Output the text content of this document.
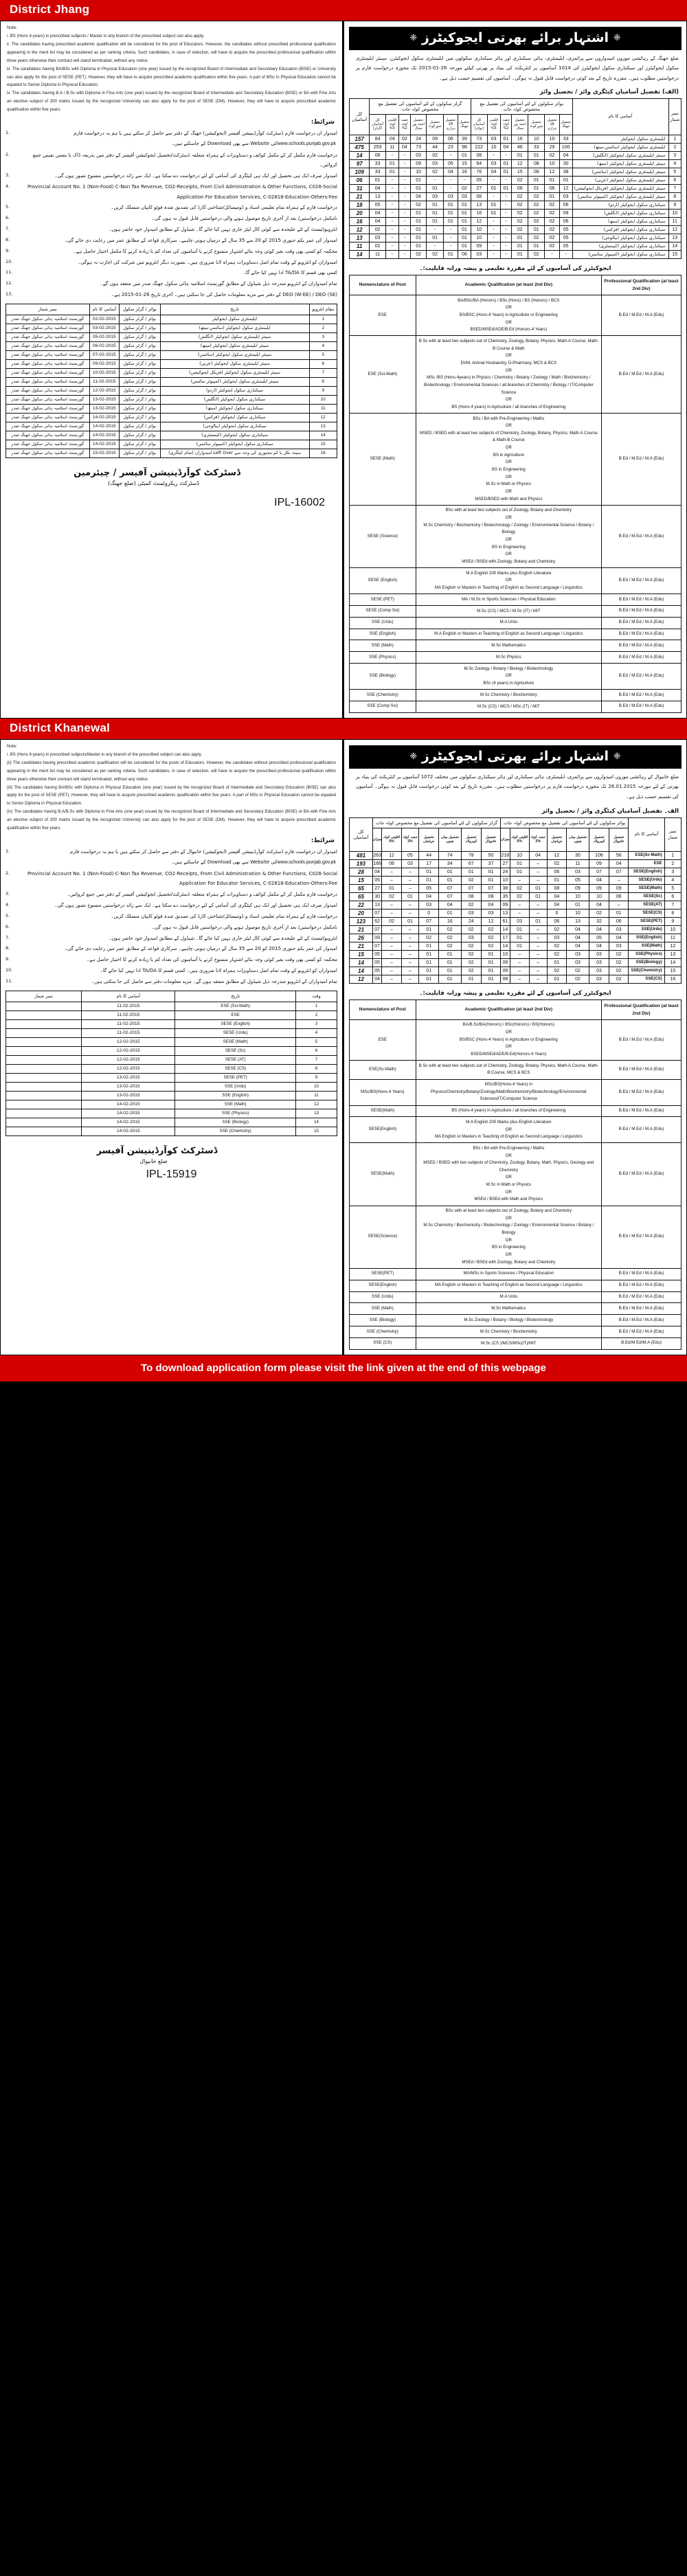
District Jhang
Note:
i. BS (Hons 4-years) in prescribed subjects / Master in any branch of the prescribed subject can also apply.
ii. The candidates having prescribed academic qualification will be considered for the post of Educators. However, the candidates without prescribed professional qualification appearing in the merit list may be considered as per ranking criteria. Such candidates, in case of selection, will have to acquire the prescribed professional qualification within three years otherwise their contract will stand terminated, without any notice.
iii. The candidates having BA/BSc with Diploma in Physical Education (one year) issued by the recognized Board of Intermediate and Secondary Education (BISE) or University can also apply for the post of SESE (PET). However, they will have to acquire prescribed academic qualification within five years. A part of MSc in Physical Education cannot be equated to Senior Diploma in Physical Education.
iv. The candidates having B.A / B.Sc with Diploma in Fine Arts (one year) issued by the recognized Board of Intermediate and Secondary Education (BISE) or BA with Fine Arts an elective subject of 200 marks issued by the recognized University can also apply for the post of SESE (DM). However, they will have to acquire prescribed academic qualification within five years.
شرائط:
امیدوار ان درخواست فارم ڈسٹرکٹ کوآرڈینیشن آفیسر (ایجوکیشن) جھنگ کے دفتر سے حاصل کر سکتے ہیں یا ہم یہ درخواست فارم www.schools.punjab.gov.pk کی Website سے بھی Download کے جاسکتے ہیں۔
1.
درخواست فارم مکمل کر کے مکمل کوائف و دستاویزات کے ہمراہ متعلقہ ڈسٹرکٹ/تحصیل ایجوکیشن آفیسر کے دفتر میں بذریعہ ڈاک یا بنفس نفیس جمع کروائیں۔
2.
امیدوار صرف ایک ہی تحصیل اور ایک ہی کیٹگری کی آسامی کے لئے درخواست دے سکتا ہے۔ ایک سے زائد درخواستیں منسوخ تصور ہوں گی۔
3.
Provincial Account No. 1 (Non-Food) C-Non Tax Revenue, CO2-Receipts, From Civil Administration & Other Functions, C028-Social Application For Education Services, C-02818-Education-Others-Fee
4.
درخواست فارم کے ہمراہ تمام تعلیمی اسناد و ڈومیسائل/شناختی کارڈ کی تصدیق شدہ فوٹو کاپیاں منسلک کریں۔
5.
نامکمل درخواستیں/ بعد از آخری تاریخ موصول ہونے والی درخواستیں قابل قبول نہ ہوں گی۔
6.
انٹرویو/ٹیسٹ کے لئے علیحدہ سے کوئی کال لیٹر جاری نہیں کیا جائے گا۔ شیڈول کے مطابق امیدوار خود حاضر ہوں۔
7.
امیدوار کی عمر یکم جنوری 2015 کو 20 سے 35 سال کے درمیان ہونی چاہیے۔ سرکاری قواعد کے مطابق عمر میں رعایت دی جائے گی۔
8.
محکمہ کو کسی بھی وقت بغیر کوئی وجہ بتائے اشتہار منسوخ کرنے یا آسامیوں کی تعداد کم یا زیادہ کرنے کا مکمل اختیار حاصل ہے۔
9.
امیدواران کو انٹرویو کے وقت تمام اصل دستاویزات ہمراہ لانا ضروری ہیں۔ بصورت دیگر انٹرویو میں شرکت کی اجازت نہ ہوگی۔
10.
کسی بھی قسم کا TA/DA ادا نہیں کیا جائے گا۔
11.
تمام امیدواران کے انٹرویو مندرجہ ذیل شیڈول کے مطابق گورنمنٹ اسلامیہ ہائی سکول جھنگ صدر میں منعقد ہوں گے۔
12.
DEO (W-EE) / DEO (SE) کے دفتر سے مزید معلومات حاصل کی جا سکتی ہیں۔ آخری تاریخ 26-01-2015 ہے۔
13.
نمبر شمار	آسامی کا نام	بوائز / گرلز سکول	تاریخ	مقام انٹرویو
گورنمنٹ اسلامیہ ہائی سکول جھنگ صدر	02-02-2015	بوائز / گرلز سکول	ایلیمنٹری سکول ایجوکیٹر	1
گورنمنٹ اسلامیہ ہائی سکول جھنگ صدر	03-02-2015	بوائز / گرلز سکول	ایلیمنٹری سکول ایجوکیٹر (سائنس-میتھ)	2
گورنمنٹ اسلامیہ ہائی سکول جھنگ صدر	05-02-2015	بوائز / گرلز سکول	سینئر ایلیمنٹری سکول ایجوکیٹر (انگلش)	3
گورنمنٹ اسلامیہ ہائی سکول جھنگ صدر	06-02-2015	بوائز / گرلز سکول	سینئر ایلیمنٹری سکول ایجوکیٹر (میتھ)	4
گورنمنٹ اسلامیہ ہائی سکول جھنگ صدر	07-02-2015	بوائز / گرلز سکول	سینئر ایلیمنٹری سکول ایجوکیٹر (سائنس)	5
گورنمنٹ اسلامیہ ہائی سکول جھنگ صدر	09-02-2015	بوائز / گرلز سکول	سینئر ایلیمنٹری سکول ایجوکیٹر (عربی)	6
گورنمنٹ اسلامیہ ہائی سکول جھنگ صدر	10-02-2015	بوائز / گرلز سکول	سینئر ایلیمنٹری سکول ایجوکیٹر (فزیکل ایجوکیشن)	7
گورنمنٹ اسلامیہ ہائی سکول جھنگ صدر	11-02-2015	بوائز / گرلز سکول	سینئر ایلیمنٹری سکول ایجوکیٹر (کمپیوٹر سائنس)	8
گورنمنٹ اسلامیہ ہائی سکول جھنگ صدر	12-02-2015	بوائز / گرلز سکول	سیکنڈری سکول ایجوکیٹر (اردو)	9
گورنمنٹ اسلامیہ ہائی سکول جھنگ صدر	13-02-2015	بوائز / گرلز سکول	سیکنڈری سکول ایجوکیٹر (انگلش)	10
گورنمنٹ اسلامیہ ہائی سکول جھنگ صدر	13-02-2015	بوائز / گرلز سکول	سیکنڈری سکول ایجوکیٹر (میتھ)	11
گورنمنٹ اسلامیہ ہائی سکول جھنگ صدر	14-02-2015	بوائز / گرلز سکول	سیکنڈری سکول ایجوکیٹر (فزکس)	12
گورنمنٹ اسلامیہ ہائی سکول جھنگ صدر	14-02-2015	بوائز / گرلز سکول	سیکنڈری سکول ایجوکیٹر (بیالوجی)	13
گورنمنٹ اسلامیہ ہائی سکول جھنگ صدر	14-02-2015	بوائز / گرلز سکول	سیکنڈری سکول ایجوکیٹر (کیمسٹری)	14
گورنمنٹ اسلامیہ ہائی سکول جھنگ صدر	14-02-2015	بوائز / گرلز سکول	سیکنڈری سکول ایجوکیٹر (کمپیوٹر سائنس)	15
گورنمنٹ اسلامیہ ہائی سکول جھنگ صدر	15-02-2015	بوائز / گرلز سکول	سیٹ نکل یا کم مجبوری کی وجہ سے Left Over امیدواران (تمام کیٹگری)	16
ڈسٹرکٹ کوآرڈینیشن آفیسر / چیئرمین
ڈسٹرکٹ ریکروٹمنٹ کمیٹی (ضلع جھنگ)
IPL-16002
❈ اشتہار برائے بھرتی ایجوکیٹرز ❈
ضلع جھنگ کے رہائشی موزوں امیدواروں سے پرائمری، ایلیمنٹری، ہائی سیکنڈری اور ہائر سیکنڈری سکولوں میں ایلیمنٹری سکول ایجوکیٹرز، سینئر ایلیمنٹری سکول ایجوکیٹرز اور سیکنڈری سکول ایجوکیٹرز کی 1014 آسامیوں پر کنٹریکٹ کی بنیاد پر بھرتی کیلئے مورخہ 26-01-2015 تک مجوزہ درخواست فارم پر درخواستیں مطلوب ہیں۔ مقررہ تاریخ کے بعد کوئی درخواست قابل قبول نہ ہوگی۔ آسامیوں کی تقسیم حسب ذیل ہے۔
(الف) تفصیل آسامیاں کیٹگری وائز / تحصیل وائز
کل آسامیاں	گرلز سکولوں کے لئے آسامیوں کی تفصیل مع مخصوص کوٹہ جات							بوائز سکولوں کے لئے آسامیوں کی تفصیل مع مخصوص کوٹہ جات							آسامی کا نام	نمبر شمار
	کل آسامیاں (گرلز)	اقلیتی کوٹہ 5%	حصہ کوٹہ 2%	تحصیل احمد پور سیال	تحصیل شورکوٹ	تحصیل 18 ہزاری	تحصیل جھنگ	کل آسامیاں (بوائز)	اقلیتی کوٹہ 5%	حصہ کوٹہ 2%	تحصیل احمد پور سیال	تحصیل شورکوٹ	تحصیل 18 ہزاری	تحصیل جھنگ		
157	84	04	02	24	09	06	39	73	03	01	16	10	10	33	ایلیمنٹری سکول ایجوکیٹر	1
475	253	11	04	73	44	23	98	222	10	04	46	33	29	100	ایلیمنٹری سکول ایجوکیٹر (سائنس-میتھ)	2
14	06	-	-	03	02	-	01	08	-	-	01	01	02	04	سینئر ایلیمنٹری سکول ایجوکیٹر (انگلش)	3
97	33	01	-	09	03	05	15	64	03	01	12	08	10	30	سینئر ایلیمنٹری سکول ایجوکیٹر (میتھ)	4
109	33	01	-	10	02	04	16	76	04	01	15	08	12	38	سینئر ایلیمنٹری سکول ایجوکیٹر (سائنس)	5
06	01	-	-	01	-	-	-	05	-	-	02	01	01	01	سینئر ایلیمنٹری سکول ایجوکیٹر (عربی)	6
31	04	-	-	01	01	-	02	27	01	01	06	01	06	12	سینئر ایلیمنٹری سکول ایجوکیٹر (فزیکل ایجوکیشن)	7
21	13	-	-	04	03	03	03	08	-	-	02	02	01	03	سینئر ایلیمنٹری سکول ایجوکیٹر (کمپیوٹر سائنس)	8
18	05	-	-	02	01	01	01	13	01	-	02	02	02	06	سیکنڈری سکول ایجوکیٹر (اردو)	9
20	04	-	-	01	01	01	01	16	01	-	02	02	02	09	سیکنڈری سکول ایجوکیٹر (انگلش)	10
16	04	-	-	01	01	01	01	12	-	-	02	02	02	06	سیکنڈری سکول ایجوکیٹر (میتھ)	11
12	02	-	-	01	-	-	01	10	-	-	02	01	02	05	سیکنڈری سکول ایجوکیٹر (فزکس)	12
13	03	-	-	01	01	-	01	10	-	-	01	02	02	05	سیکنڈری سکول ایجوکیٹر (بیالوجی)	13
11	02	-	-	01	-	-	01	09	-	-	01	01	02	05	سیکنڈری سکول ایجوکیٹر (کیمسٹری)	14
14	11	-	-	02	02	01	06	03	-	-	01	02	-	-	سیکنڈری سکول ایجوکیٹر (کمپیوٹر سائنس)	15
ایجوکیٹرز کی آسامیوں کے لئے مقررہ تعلیمی و پیشہ ورانہ قابلیت:۔
Nomenclature of Post	Academic Qualification (at least 2nd Div)	Professional Qualification (at least 2nd Div)
ESE	BA/BSc/BA (Honors) / BSc (Hons) / BS (Honors) / BCS
OR
BS/BSC (Hons-4 Years) in Agriculture or Engineering
OR
BSED/MSEd/ADE/B.Ed (Honors-4 Years)	B.Ed / M.Ed / M.A (Edu)
ESE (Sci-Math)	
B.Sc with at least two subjects out of Chemistry, Zoology, Botany, Physics, Math-A Course, Math-B Course & Math
OR
DVM, Animal Husbandry, D-Pharmacy, MCS & BCS
OR
MSc /BS (Hons-4years) in Physics / Chemistry / Botany / Zoology / Math / Biochemistry / Biotechnology / Environmental Sciences / all branches of Chemistry / Biology / IT/Computer Science
OR
BS (Hons-4 years) in Agriculture / all branches of Engineering
	B.Ed / M.Ed / M.A (Edu)
SESE (Math)	
BSc / BA with Pre-Engineering / Maths
OR
MSED / BSED with at least two subjects of Chemistry, Zoology, Botany, Physics, Math-A Course & Math-B Course
OR
BS in Agriculture
OR
BS in Engineering
OR
M.Sc in Math or Physics
OR
MSED/BSED with Math and Physics
	B.Ed / M.Ed / M.A (Edu)
SESE (Science)	
BSc with at least two subjects out of Zoology, Botany and Chemistry
OR
M.Sc Chemistry / Biochemistry / Biotechnology / Zoology / Environmental Science / Botany / Biology
OR
BS in Engineering
OR
MSEd / BSEd with Zoology, Botany and Chemistry
	B.Ed / M.Ed / M.A (Edu)
SESE (English)	M.A English 200 Marks plus English Literature
OR
MA English or Masters in Teaching of English as Second Language / Linguistics	B.Ed / M.Ed / M.A (Edu)
SESE (PET)	MA / M.Sc in Sports Sciences / Physical Education	B.Ed / M.Ed / M.A (Edu)
SESE (Comp Sci)	M.Sc (CS) / MCS / M.Sc (IT) / MIT	B.Ed / M.Ed / M.A (Edu)
SSE (Urdu)	M.A Urdu	B.Ed / M.Ed / M.A (Edu)
SSE (English)	M.A English or Masters in Teaching of English as Second Language / Linguistics	B.Ed / M.Ed / M.A (Edu)
SSE (Math)	M.Sc Mathematics	B.Ed / M.Ed / M.A (Edu)
SSE (Physics)	M.Sc Physics	B.Ed / M.Ed / M.A (Edu)
SSE (Biology)	M.Sc Zoology / Botany / Biology / Biotechnology
OR
BSc (4 years) in Agriculture	B.Ed / M.Ed / M.A (Edu)
SSE (Chemistry)	M.Sc Chemistry / Biochemistry	B.Ed / M.Ed / M.A (Edu)
SSE (Comp Sci)	M.Sc (CS) / MCS / MSc (IT) / MIT	B.Ed / M.Ed / M.A (Edu)
District Khanewal
Note:
i. BS (Hons 4-years) in prescribed subjects/Master in any branch of the prescribed subject can also apply.
(ii) The candidates having prescribed academic qualification will be considered for the posts of Educators. However, the candidates without prescribed professional qualification appearing in the merit list may be considered as per ranking criteria. Such candidates, in case of selection, will have to acquire the prescribed professional qualification within three years otherwise their contract will stand terminated, without any notice.
(iii) The candidates having BA/BSc with Diploma in Physical Education (one year) issued by the recognized Board of Intermediate and Secondary Education (BISE) can also apply for the post of SESE (PET). However, they will have to acquire prescribed academic qualification within five years. A part of MSc in Physical Education cannot be equated to Senior Diploma in Physical Education.
(iv) The candidates having B.A/B.Sc with Diploma in Fine Arts (one year) issued by the recognized Board of Intermediate and Secondary Education (BISE) or BA with Fine Arts an elective subject of 200 marks issued by the recognized University can also apply for the post of SESE (DM). However, they will have to acquire prescribed academic qualification within five years.
شرائط:
امیدوار ان درخواست فارم ڈسٹرکٹ کوآرڈینیشن آفیسر (ایجوکیشن) خانیوال کے دفتر سے حاصل کر سکتے ہیں یا ہم یہ درخواست فارم www.schools.punjab.gov.pk کی Website سے بھی Download کے جاسکتے ہیں۔
1.
Provincial Account No. 1 (Non-Food) C-Non Tax Revenue, CO2-Receipts, From Civil Administration & Other Functions, C028-Social Application For Educator Services, C-02818-Education-Others-Fee
2.
درخواست فارم مکمل کر کے مکمل کوائف و دستاویزات کے ہمراہ متعلقہ ڈسٹرکٹ/تحصیل ایجوکیشن آفیسر کے دفتر میں جمع کروائیں۔
3.
امیدوار صرف ایک ہی تحصیل اور ایک ہی کیٹگری کی آسامی کے لئے درخواست دے سکتا ہے۔ ایک سے زائد درخواستیں منسوخ تصور ہوں گی۔
4.
درخواست فارم کے ہمراہ تمام تعلیمی اسناد و ڈومیسائل/شناختی کارڈ کی تصدیق شدہ فوٹو کاپیاں منسلک کریں۔
5.
نامکمل درخواستیں/ بعد از آخری تاریخ موصول ہونے والی درخواستیں قابل قبول نہ ہوں گی۔
6.
انٹرویو/ٹیسٹ کے لئے علیحدہ سے کوئی کال لیٹر جاری نہیں کیا جائے گا۔ شیڈول کے مطابق امیدوار خود حاضر ہوں۔
7.
امیدوار کی عمر یکم جنوری 2015 کو 20 سے 35 سال کے درمیان ہونی چاہیے۔ سرکاری قواعد کے مطابق عمر میں رعایت دی جائے گی۔
8.
محکمہ کو کسی بھی وقت بغیر کوئی وجہ بتائے اشتہار منسوخ کرنے یا آسامیوں کی تعداد کم یا زیادہ کرنے کا اختیار حاصل ہے۔
9.
امیدواران کو انٹرویو کے وقت تمام اصل دستاویزات ہمراہ لانا ضروری ہیں۔ کسی قسم کا TA/DA ادا نہیں کیا جائے گا۔
10.
تمام امیدواران کے انٹرویو مندرجہ ذیل شیڈول کے مطابق منعقد ہوں گے۔ مزید معلومات دفتر سے حاصل کی جا سکتی ہیں۔
11.
نمبر شمار	آسامی کا نام	تاریخ	وقت
	11-02-2015	ESE (Sci-Math)	1
	11-02-2015	ESE	2
	11-02-2015	SESE (English)	3
	11-02-2015	SESE (Urdu)	4
	12-02-2015	SESE (Math)	5
	12-02-2015	SESE (Sc)	6
	12-02-2015	SESE (AT)	7
	12-02-2015	SESE (CS)	8
	13-02-2015	SESE (PET)	9
	13-02-2015	SSE (Urdu)	10
	13-02-2015	SSE (English)	11
	14-02-2015	SSE (Math)	12
	14-02-2015	SSE (Physics)	13
	14-02-2015	SSE (Biology)	14
	14-02-2015	SSE (Chemistry)	15
ڈسٹرکٹ کوآرڈینیشن آفیسر
ضلع خانیوال
IPL-15919
❈ اشتہار برائے بھرتی ایجوکیٹرز ❈
ضلع خانیوال کے رہائشی موزوں امیدواروں سے پرائمری، ایلیمنٹری، ہائی سیکنڈری اور ہائر سیکنڈری سکولوں میں مختلف 1072 آسامیوں پر کنٹریکٹ کی بنیاد پر بھرتی کے لئے مورخہ 26.01.2015 تک مجوزہ درخواست فارم پر درخواستیں مطلوب ہیں۔ مقررہ تاریخ کے بعد کوئی درخواست قابل قبول نہ ہوگی۔ آسامیوں کی تقسیم حسب ذیل ہے۔
الف۔ تفصیل آسامیاں کیٹگری وائز / تحصیل وائز
کل آسامیاں	گرلز سکولوں کے لئے آسامیوں کی تفصیل مع مخصوص کوٹہ جات							بوائز سکولوں کے لئے آسامیوں کی تفصیل مع مخصوص کوٹہ جات							آسامی کا نام	نمبر شمار
	میزان	اقلیتی کوٹہ 5%	حصہ کوٹہ 2%	تحصیل جہانیاں	تحصیل میاں چنوں	تحصیل کبیروالہ	تحصیل خانیوال	میزان	اقلیتی کوٹہ 5%	حصہ کوٹہ 2%	تحصیل جہانیاں	تحصیل میاں چنوں	تحصیل کبیروالہ	تحصیل خانیوال		
481	263	12	05	44	74	78	50	218	10	04	12	30	106	56	ESE(Sc-Math)	1
193	166	08	03	17	34	67	37	27	01	–	02	11	09	04	ESE	2
28	04	–	–	01	01	01	01	24	01	–	06	03	07	07	SESE(English)	3
15	05	–	–	01	01	02	01	10	–	–	01	05	04	–	SESE(Urdu)	4
65	27	01	–	05	07	07	07	38	02	01	08	09	09	09	SESE(Math)	5
65	30	02	01	04	07	08	08	35	02	01	04	10	10	06	SESE(Sc)	6
22	13	–	–	03	04	02	04	09	–	–	04	01	04	–	SESE(AT)	7
20	07	–	–	0	01	03	03	13	–	–	0	10	02	01	SESE(CS)	8
123	62	02	01	07	16	24	12	61	03	01	06	13	32	06	SESE(PET)	9
21	07	–	–	01	02	02	02	14	01	–	02	04	04	03	SSE(Urdu)	10
26	09	–	–	02	02	03	02	17	01	–	03	04	05	04	SSE(English)	11
21	07	–	–	01	02	02	02	14	01	–	02	04	04	03	SSE(Math)	12
15	05	–	–	01	01	02	01	10	–	–	02	03	03	02	SSE(Physics)	13
14	05	–	–	01	01	02	01	09	–	–	01	03	03	02	SSE(Biology)	14
14	05	–	–	01	01	02	01	09	–	–	02	02	03	02	SSE(Chemistry)	15
12	04	–	–	01	01	01	01	08	–	–	01	02	03	02	SSE(CS)	16
ایجوکیٹرز کی آسامیوں کے لئے مقررہ تعلیمی و پیشہ ورانہ قابلیت:۔
Nomenclature of Post	Academic Qualification (at least 2nd Div)	Professional Qualification (at least 2nd Div)
ESE	BA/B.Sc/BA(Honors) / BSc(Honors) / BS(Honors)
OR
BS/BSC (Hons-4 Years) in Agriculture or Engineering
OR
BSED/MSEd/ADE/B.Ed(Honors-4 Years)	B.Ed / M.Ed / M.A (Edu)
ESE(Sc-Math)	B.Sc with at least two subjects out of Chemistry, Zoology, Botany, Physics, Math-A Course, Math-B Course, MCS & BCS	B.Ed / M.Ed / M.A (Edu)
MSc/BS(Hons-4 Years)	MSc/BS(Hons-4 Years) in Physics/Chemistry/Botany/Zoology/Math/Biochemistry/Biotechnology/Environmental Sciences/IT/Computer Science	B.Ed / M.Ed / M.A (Edu)
SESE(Math)	BS (Hons-4 years) in Agriculture / all branches of Engineering	B.Ed / M.Ed / M.A (Edu)
SESE(English)	M.A English 200 Marks plus English Literature
OR
MA English or Masters in Teaching of English as Second Language / Linguistics	B.Ed / M.Ed / M.A (Edu)
SESE(Math)	
BSc / BA with Pre-Engineering / Maths
OR
MSED / BSED with two subjects of Chemistry, Zoology, Botany, Math, Physics, Geology and Chemistry
OR
M.Sc in Math or Physics
OR
MSEd / BSEd with Math and Physics
	B.Ed / M.Ed / M.A (Edu)
SESE(Science)	
BSc with at least two subjects out of Zoology, Botany and Chemistry
OR
M.Sc Chemistry / Biochemistry / Biotechnology / Zoology / Environmental Science / Botany / Biology
OR
BS in Engineering
OR
MSEd / BSEd with Zoology, Botany and Chemistry
	B.Ed / M.Ed / M.A (Edu)
SESE(PET)	MA/MSc in Sports Sciences / Physical Education	B.Ed / M.Ed / M.A (Edu)
SESE(English)	MA English or Masters in Teaching of English as Second Language / Linguistics	B.Ed / M.Ed / M.A (Edu)
SSE (Urdu)	M.A Urdu	B.Ed / M.Ed / M.A (Edu)
SSE (Math)	M.Sc Mathematics	B.Ed / M.Ed / M.A (Edu)
SSE (Biology)	M.Sc Zoology / Botany / Biology / Biotechnology	B.Ed / M.Ed / M.A (Edu)
SSE (Chemistry)	M.Sc Chemistry / Biochemistry	B.Ed / M.Ed / M.A (Edu)
SSE (CS)	M.Sc (CS )/MCS/MSc(IT)/MIT	B.Ed/M.Ed/M.A (Edu)
To download application form please visit the link given at the end of this webpage
